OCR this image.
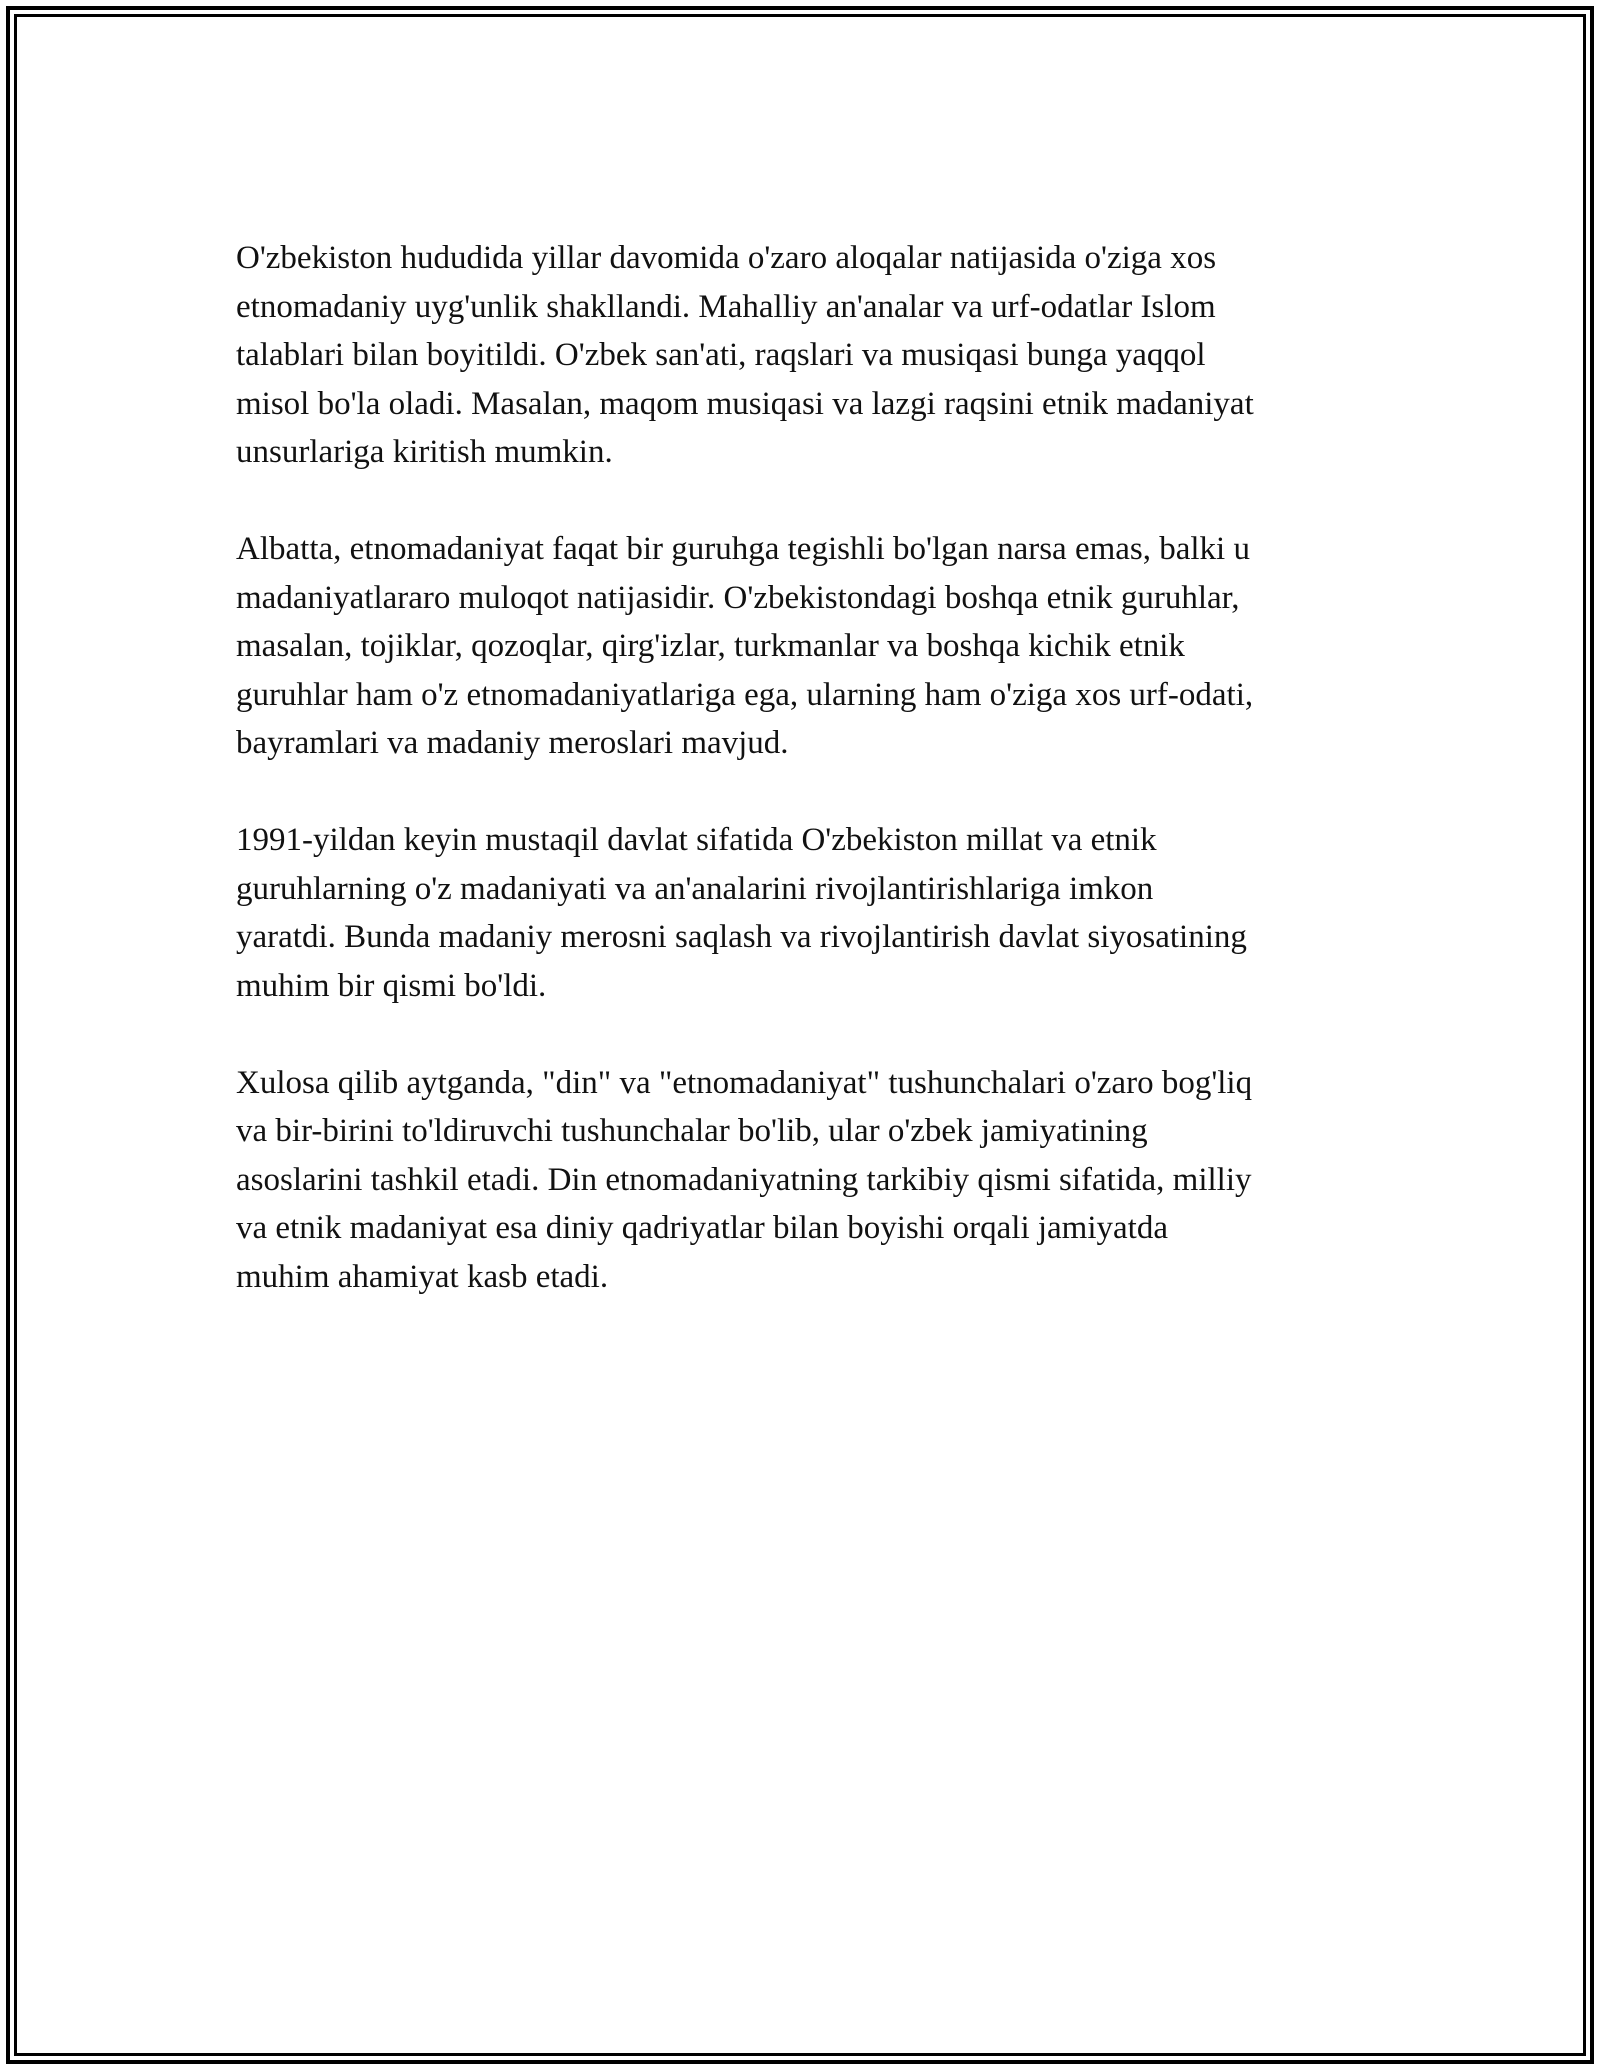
O'zbekiston hududida yillar davomida o'zaro aloqalar natijasida o'ziga xos
etnomadaniy uyg'unlik shakllandi. Mahalliy an'analar va urf-odatlar Islom
talablari bilan boyitildi. O'zbek san'ati, raqslari va musiqasi bunga yaqqol
misol bo'la oladi. Masalan, maqom musiqasi va lazgi raqsini etnik madaniyat
unsurlariga kiritish mumkin.

Albatta, etnomadaniyat faqat bir guruhga tegishli bo'lgan narsa emas, balki u
madaniyatlararo muloqot natijasidir. O'zbekistondagi boshqa etnik guruhlar,
masalan, tojiklar, qozoqlar, qirg'izlar, turkmanlar va boshqa kichik etnik
guruhlar ham o'z etnomadaniyatlariga ega, ularning ham o'ziga xos urf-odati,
bayramlari va madaniy meroslari mavjud.

1991-yildan keyin mustaqil davlat sifatida O'zbekiston millat va etnik
guruhlarning o'z madaniyati va an'analarini rivojlantirishlariga imkon
yaratdi. Bunda madaniy merosni saqlash va rivojlantirish davlat siyosatining
muhim bir qismi bo'ldi.

Xulosa qilib aytganda, "din" va "etnomadaniyat" tushunchalari o'zaro bog'liq
va bir-birini to'ldiruvchi tushunchalar bo'lib, ular o'zbek jamiyatining
asoslarini tashkil etadi. Din etnomadaniyatning tarkibiy qismi sifatida, milliy
va etnik madaniyat esa diniy qadriyatlar bilan boyishi orqali jamiyatda
muhim ahamiyat kasb etadi.
